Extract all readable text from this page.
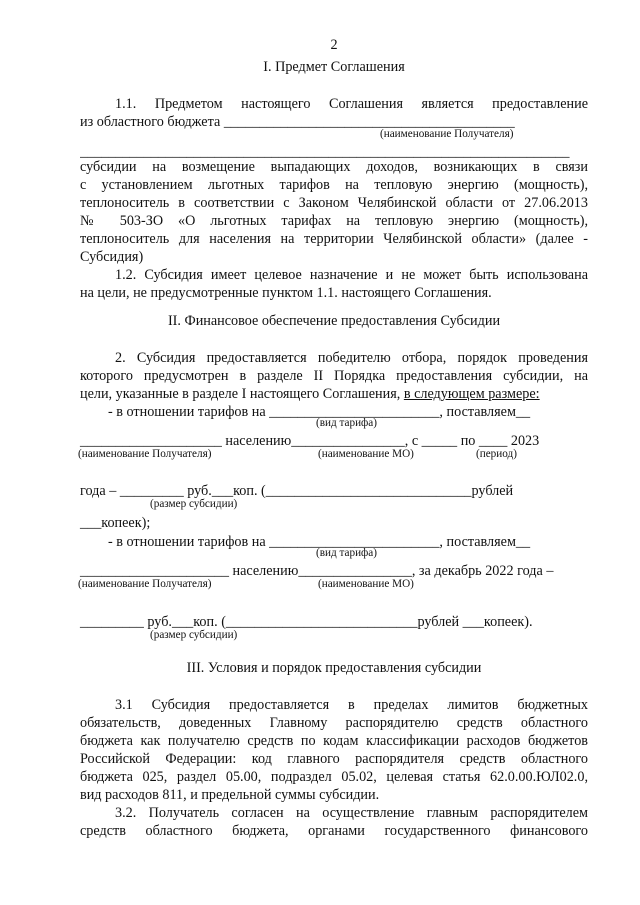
2
I. Предмет Соглашения
1.1. Предметом настоящего Соглашения является предоставление
из областного бюджета _________________________________________
(наименование Получателя)
_____________________________________________________________________
субсидии на возмещение выпадающих доходов, возникающих в связи
с установлением льготных тарифов на тепловую энергию (мощность),
теплоноситель в соответствии с Законом Челябинской области от 27.06.2013
№ 503-ЗО «О льготных тарифах на тепловую энергию (мощность),
теплоноситель для населения на территории Челябинской области» (далее -
Субсидия)
1.2. Субсидия имеет целевое назначение и не может быть использована
на цели, не предусмотренные пунктом 1.1. настоящего Соглашения.
II. Финансовое обеспечение предоставления Субсидии
2. Субсидия предоставляется победителю отбора, порядок проведения
которого предусмотрен в разделе II Порядка предоставления субсидии, на
цели, указанные в разделе I настоящего Соглашения, в следующем размере:
- в отношении тарифов на ________________________, поставляем__
(вид тарифа)
____________________ населению________________, с _____ по ____ 2023
(наименование Получателя)	(наименование МО)	(период)
года – _________ руб.___коп. (_____________________________рублей
(размер субсидии)
___копеек);
- в отношении тарифов на ________________________, поставляем__
(вид тарифа)
_____________________ населению________________, за декабрь 2022 года –
(наименование Получателя)	(наименование МО)
_________ руб.___коп. (___________________________рублей ___копеек).
(размер субсидии)
III. Условия и порядок предоставления субсидии
3.1 Субсидия предоставляется в пределах лимитов бюджетных
обязательств, доведенных Главному распорядителю средств областного
бюджета как получателю средств по кодам классификации расходов бюджетов
Российской Федерации: код главного распорядителя средств областного
бюджета 025, раздел 05.00, подраздел 05.02, целевая статья 62.0.00.ЮЛ02.0,
вид расходов 811, и предельной суммы субсидии.
3.2. Получатель согласен на осуществление главным распорядителем
средств областного бюджета, органами государственного финансового
